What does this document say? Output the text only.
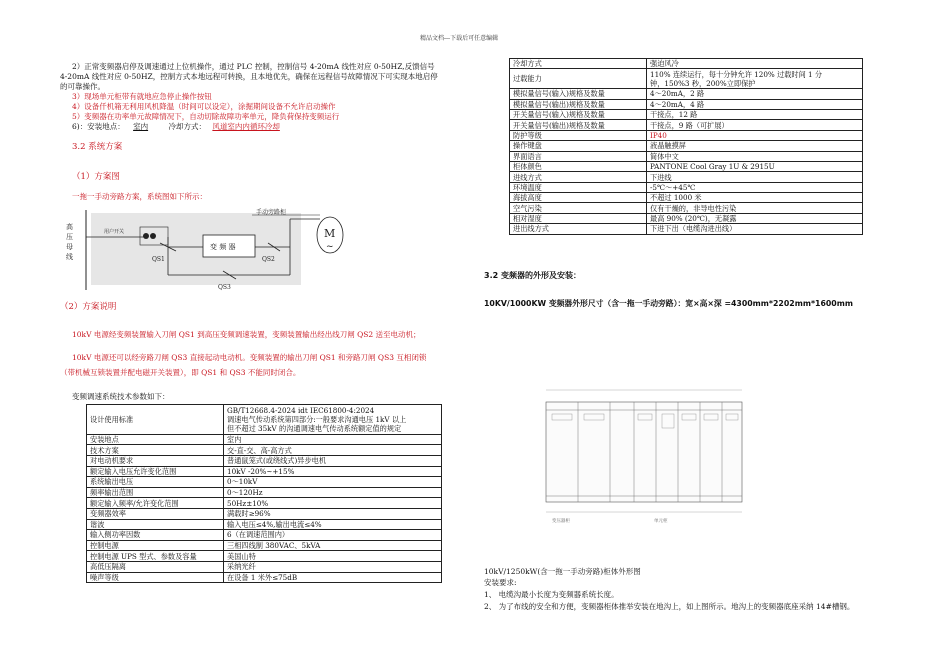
精品文档---下载后可任意编辑
2）正常变频器启停及调速通过上位机操作，通过 PLC 控制，控制信号 4-20mA 线性对应 0-50HZ,反馈信号
4-20mA 线性对应 0-50HZ，控制方式本地远程可转换，且本地优先，确保在远程信号故障情况下可实现本地启停
的可靠操作。
3）现场单元柜带有就地应急停止操作按钮
4）设备仟机箱无利用风机降温（时间可以设定），涂掘期间设备不允许启动操作
5）变频器在功率单元故障情况下，自动切除故障功率单元，降负荷保持变频运行
6)：安装地点： 室内	冷却方式： 风道室内内循环冷却
3.2 系统方案
（1）方案图
一拖一手动旁路方案，系统图如下所示：
高
压
母
线
用户开关
手动旁路柜
变 频 器
QS1	QS2
QS3
M
~
（2）方案说明
10kV 电源经变频装置输入刀闸 QS1 到高压变频调速装置，变频装置输出经出线刀闸 QS2 送至电动机；
10kV 电源还可以经旁路刀闸 QS3 直接起动电动机。变频装置的输出刀闸 QS1 和旁路刀闸 QS3 互相闭锁
（带机械互锁装置并配电磁开关装置），即 QS1 和 QS3 不能同时闭合。
变频调速系统技术参数如下：
设计使用标准	GB/T12668.4-2024 idt IEC61800-4:2024
调速电气传动系统第四部分:一般要求沟通电压 1kV 以上
但不超过 35kV 的沟通调速电气传动系统额定值的规定
安装地点	室内
技术方案	交-直-交、高-高方式
对电动机要求	普通鼠笼式(或绕线式)异步电机
额定输入电压允许变化范围	10kV -20%~+15%
系统输出电压	0～10kV
频率输出范围	0～120Hz
额定输入频率/允许变化范围	50Hz±10%
变频器效率	满载时≥96%
谐波	输入电压≤4%,输出电流≤4%
输入侧功率因数	6（在调速范围内）
控制电源	三相四线制 380VAC、5kVA
控制电源 UPS 型式、参数及容量	美国山特
高低压隔离	采纳光纤
噪声等级	在设备 1 米外≤75dB
冷却方式	强迫风冷
过载能力	110% 连续运行，每十分钟允许 120% 过载时间 1 分
钟，150%3 秒，200%立即保护
模拟量信号(输入)规格及数量	4～20mA，2 路
模拟量信号(输出)规格及数量	4～20mA，4 路
开关量信号(输入)规格及数量	干接点，12 路
开关量信号(输出)规格及数量	干接点，9 路（可扩展）
防护等级	IP40
操作键盘	液晶触摸屏
界面语言	简体中文
柜体颜色	PANTONE Cool Gray 1U & 2915U
进线方式	下进线
环境温度	-5℃～+45℃
海拔高度	不超过 1000 米
空气污染	仅有干燥的，非导电性污染
相对湿度	最高 90% (20℃)，无凝露
进出线方式	下进下出（电缆沟进出线）
3.2 变频器的外形及安装：
10KV/1000KW 变频器外形尺寸（含一拖一手动旁路）：宽×高×深 =4300mm*2202mm*1600mm
变压器柜	单元柜
10kV/1250kW(含一拖一手动旁路)柜体外形图
安装要求:
1、 电缆沟最小长度为变频器系统长度。
2、 为了布线的安全和方便，变频器柜体推举安装在地沟上，如上图所示。地沟上的变频器底座采纳 14#槽钢。
